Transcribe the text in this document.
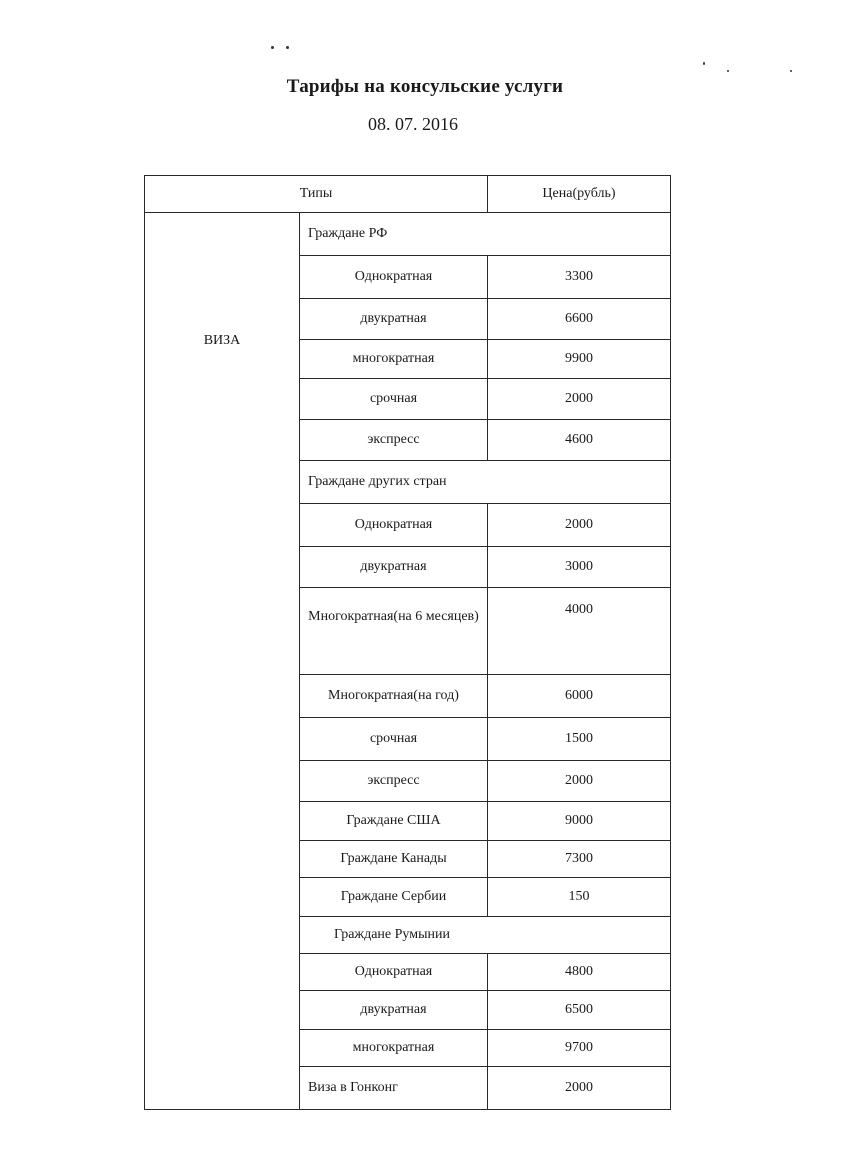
Тарифы на консульские услуги
08. 07. 2016
Типы		Цена(рубль)
ВИЗА	Граждане РФ	
	Однократная	3300
	двукратная	6600
	многократная	9900
	срочная	2000
	экспресс	4600
	Граждане других стран	
	Однократная	2000
	двукратная	3000
	Многократная(на 6 месяцев)	4000
	Многократная(на год)	6000
	срочная	1500
	экспресс	2000
	Граждане США	9000
	Граждане Канады	7300
	Граждане Сербии	150
	Граждане Румынии	
	Однократная	4800
	двукратная	6500
	многократная	9700
	Виза в Гонконг	2000
